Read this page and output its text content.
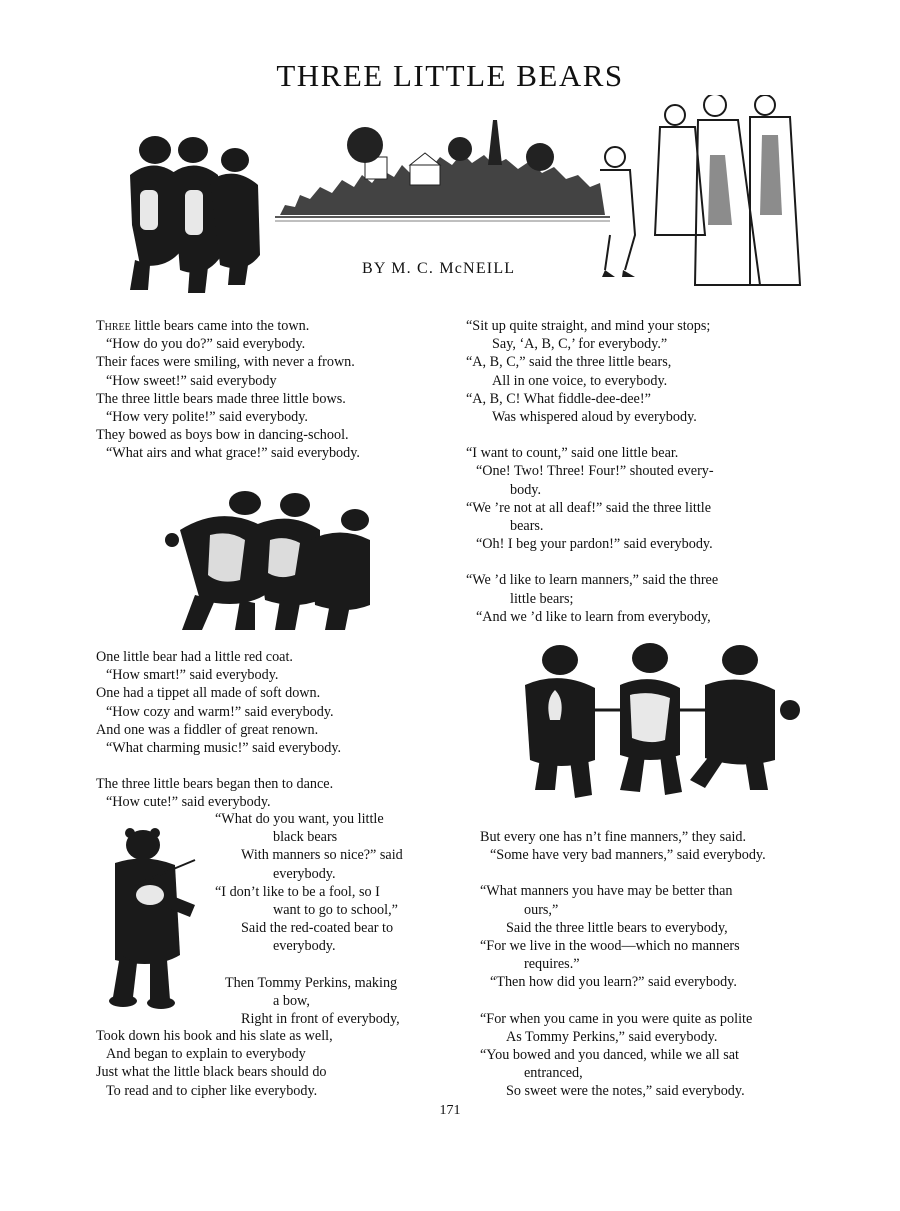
THREE LITTLE BEARS
BY M. C. McNEILL
Three little bears came into the town.
“How do you do?” said everybody.
Their faces were smiling, with never a frown.
“How sweet!” said everybody
The three little bears made three little bows.
“How very polite!” said everybody.
They bowed as boys bow in dancing-school.
“What airs and what grace!” said everybody.
One little bear had a little red coat.
“How smart!” said everybody.
One had a tippet all made of soft down.
“How cozy and warm!” said everybody.
And one was a fiddler of great renown.
“What charming music!” said everybody.
The three little bears began then to dance.
“How cute!” said everybody.
“What do you want, you little
black bears
With manners so nice?” said
everybody.
“I don’t like to be a fool, so I
want to go to school,”
Said the red-coated bear to
everybody.
Then Tommy Perkins, making
a bow,
Right in front of everybody,
Took down his book and his slate as well,
And began to explain to everybody
Just what the little black bears should do
To read and to cipher like everybody.
“Sit up quite straight, and mind your stops;
Say, ‘A, B, C,’ for everybody.”
“A, B, C,” said the three little bears,
All in one voice, to everybody.
“A, B, C! What fiddle-dee-dee!”
Was whispered aloud by everybody.
“I want to count,” said one little bear.
“One! Two! Three! Four!” shouted every-
body.
“We ’re not at all deaf!” said the three little
bears.
“Oh! I beg your pardon!” said everybody.
“We ’d like to learn manners,” said the three
little bears;
“And we ’d like to learn from everybody,
But every one has n’t fine manners,” they said.
“Some have very bad manners,” said everybody.
“What manners you have may be better than
ours,”
Said the three little bears to everybody,
“For we live in the wood—which no manners
requires.”
“Then how did you learn?” said everybody.
“For when you came in you were quite as polite
As Tommy Perkins,” said everybody.
“You bowed and you danced, while we all sat
entranced,
So sweet were the notes,” said everybody.
171
